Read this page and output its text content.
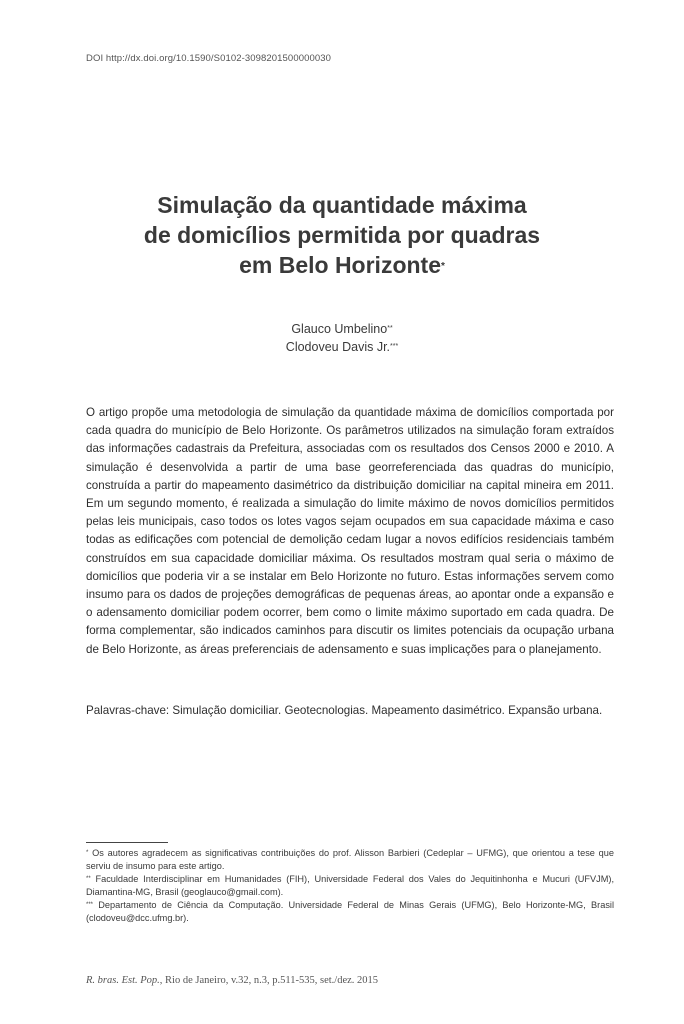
DOI http://dx.doi.org/10.1590/S0102-3098201500000030
Simulação da quantidade máxima
de domicílios permitida por quadras
em Belo Horizonte*
Glauco Umbelino**
Clodoveu Davis Jr.***

O artigo propõe uma metodologia de simulação da quantidade máxima de domicílios comportada por cada quadra do município de Belo Horizonte. Os parâmetros utilizados na simulação foram extraídos das informações cadastrais da Prefeitura, associadas com os resultados dos Censos 2000 e 2010. A simulação é desenvolvida a partir de uma base georreferenciada das quadras do município, construída a partir do mapeamento dasimétrico da distribuição domiciliar na capital mineira em 2011. Em um segundo momento, é realizada a simulação do limite máximo de novos domicílios permitidos pelas leis municipais, caso todos os lotes vagos sejam ocupados em sua capacidade máxima e caso todas as edificações com potencial de demolição cedam lugar a novos edifícios residenciais também construídos em sua capacidade domiciliar máxima. Os resultados mostram qual seria o máximo de domicílios que poderia vir a se instalar em Belo Horizonte no futuro. Estas informações servem como insumo para os dados de projeções demográficas de pequenas áreas, ao apontar onde a expansão e o adensamento domiciliar podem ocorrer, bem como o limite máximo suportado em cada quadra. De forma complementar, são indicados caminhos para discutir os limites potenciais da ocupação urbana de Belo Horizonte, as áreas preferenciais de adensamento e suas implicações para o planejamento.

Palavras-chave: Simulação domiciliar. Geotecnologias. Mapeamento dasimétrico. Expansão urbana.

* Os autores agradecem as significativas contribuições do prof. Alisson Barbieri (Cedeplar – UFMG), que orientou a tese que serviu de insumo para este artigo.

** Faculdade Interdisciplinar em Humanidades (FIH), Universidade Federal dos Vales do Jequitinhonha e Mucuri (UFVJM), Diamantina-MG, Brasil (geoglauco@gmail.com).

*** Departamento de Ciência da Computação. Universidade Federal de Minas Gerais (UFMG), Belo Horizonte-MG, Brasil (clodoveu@dcc.ufmg.br).

R. bras. Est. Pop., Rio de Janeiro, v.32, n.3, p.511-535, set./dez. 2015
